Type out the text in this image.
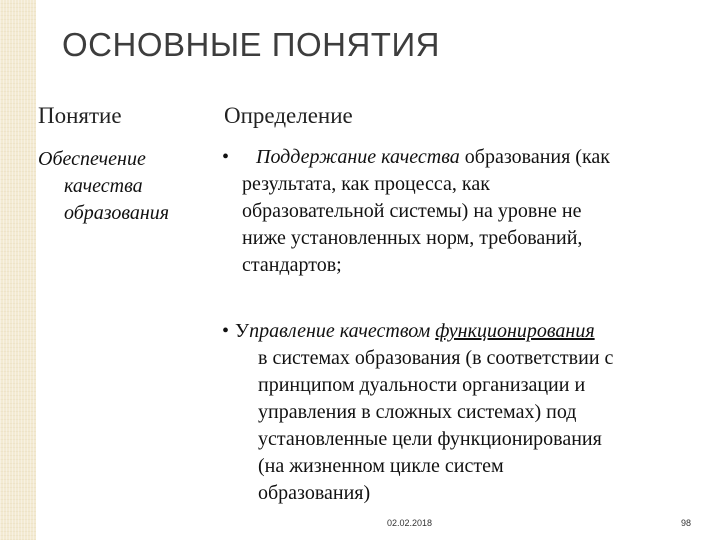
ОСНОВНЫЕ ПОНЯТИЯ
Понятие	Определение
Обеспечение
качества
образования
• Поддержание качества образования (как
результата, как процесса, как
образовательной системы) на уровне не
ниже установленных норм, требований,
стандартов;
• Управление качеством функционирования
в системах образования (в соответствии с
принципом дуальности организации и
управления в сложных системах) под
установленные цели функционирования
(на жизненном цикле систем
образования)
02.02.2018	98
